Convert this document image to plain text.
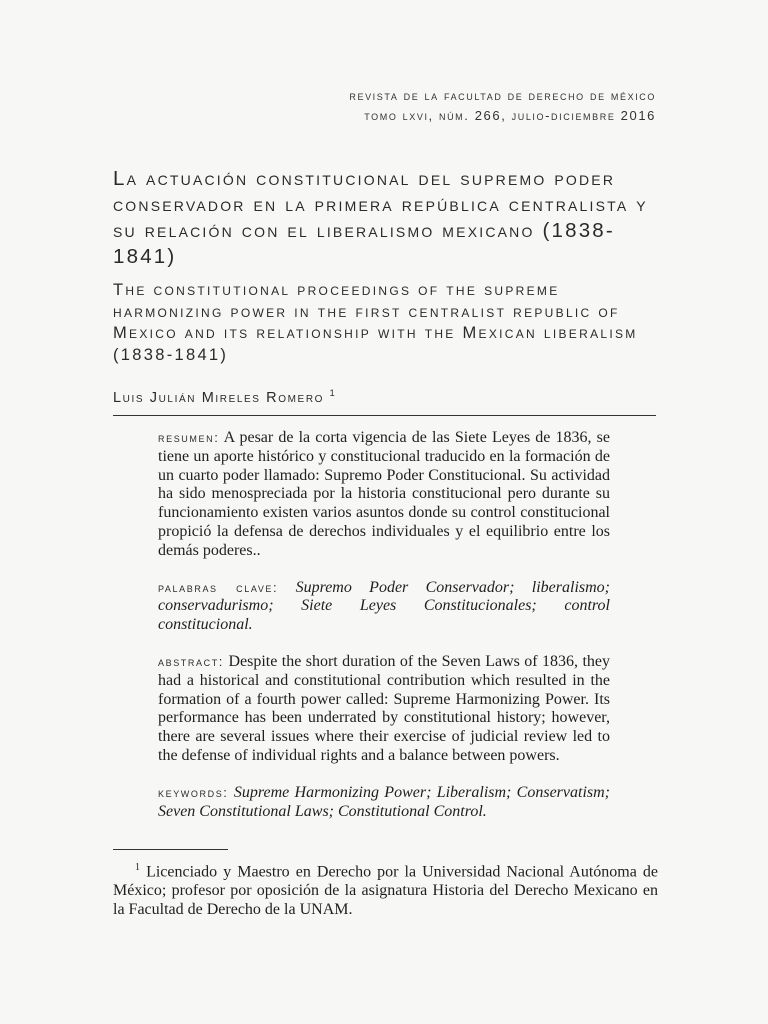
revista de la facultad de derecho de méxico
tomo lxvi, núm. 266, julio-diciembre 2016
La actuación constitucional del supremo poder conservador en la primera república centralista y su relación con el liberalismo mexicano (1838-1841)
The constitutional proceedings of the supreme harmonizing power in the first centralist republic of Mexico and its relationship with the Mexican liberalism (1838-1841)
Luis Julián Mireles Romero $^1$

resumen: A pesar de la corta vigencia de las Siete Leyes de 1836, se tiene un aporte histórico y constitucional traducido en la formación de un cuarto poder llamado: Supremo Poder Constitucional. Su actividad ha sido menospreciada por la historia constitucional pero durante su funcionamiento existen varios asuntos donde su control constitucional propició la defensa de derechos individuales y el equilibrio entre los demás poderes..

palabras clave: Supremo Poder Conservador; liberalismo; conservadurismo; Siete Leyes Constitucionales; control constitucional.

abstract: Despite the short duration of the Seven Laws of 1836, they had a historical and constitutional contribution which resulted in the formation of a fourth power called: Supreme Harmonizing Power. Its performance has been underrated by constitutional history; however, there are several issues where their exercise of judicial review led to the defense of individual rights and a balance between powers.

keywords: Supreme Harmonizing Power; Liberalism; Conservatism; Seven Constitutional Laws; Constitutional Control.

$^1$ Licenciado y Maestro en Derecho por la Universidad Nacional Autónoma de México; profesor por oposición de la asignatura Historia del Derecho Mexicano en la Facultad de Derecho de la UNAM.
